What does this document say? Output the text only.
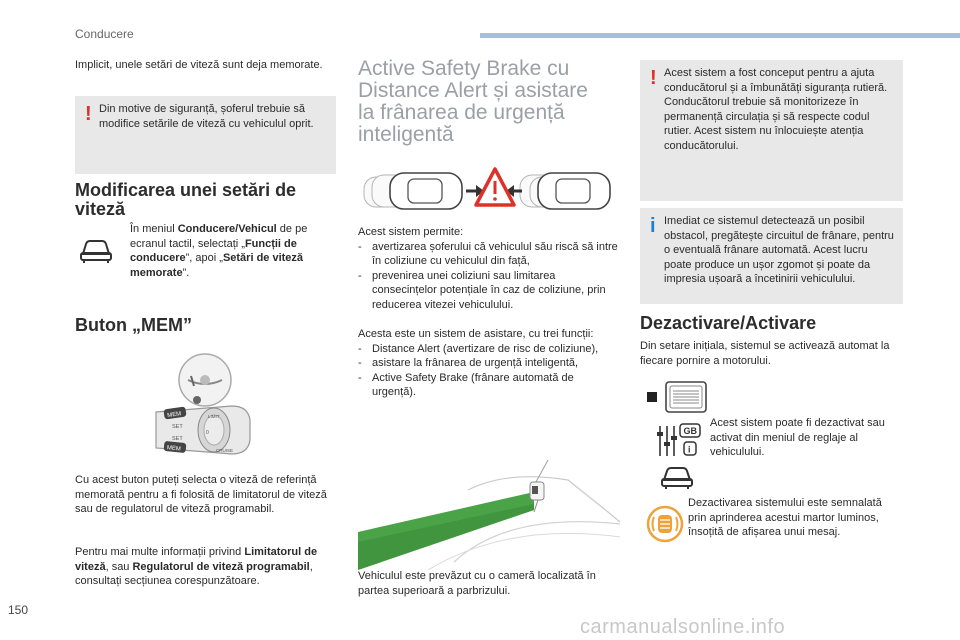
Conducere
Implicit, unele setări de viteză sunt deja memorate.
! Din motive de siguranță, șoferul trebuie să modifice setările de viteză cu vehiculul oprit.
Modificarea unei setări de viteză
În meniul Conducere/Vehicul de pe ecranul tactil, selectați „Funcții de conducere”, apoi „Setări de viteză memorate”.
Buton „MEM”
MEM
MEM
SET
SET
LIMIT
CRUISE
0
Cu acest buton puteți selecta o viteză de referință memorată pentru a fi folosită de limitatorul de viteză sau de regulatorul de viteză programabil.
Pentru mai multe informații privind Limitatorul de viteză, sau Regulatorul de viteză programabil, consultați secțiunea corespunzătoare.
Active Safety Brake cu Distance Alert și asistare la frânarea de urgență inteligentă
Acest sistem permite:
- avertizarea șoferului că vehiculul său riscă să intre în coliziune cu vehiculul din față,
- prevenirea unei coliziuni sau limitarea consecințelor potențiale în caz de coliziune, prin reducerea vitezei vehiculului.
Acesta este un sistem de asistare, cu trei funcții:
- Distance Alert (avertizare de risc de coliziune),
- asistare la frânarea de urgență inteligentă,
- Active Safety Brake (frânare automată de urgență).
Vehiculul este prevăzut cu o cameră localizată în partea superioară a parbrizului.
! Acest sistem a fost conceput pentru a ajuta conducătorul și a îmbunătăți siguranța rutieră. Conducătorul trebuie să monitorizeze în permanență circulația și să respecte codul rutier. Acest sistem nu înlocuiește atenția conducătorului.
i Imediat ce sistemul detectează un posibil obstacol, pregătește circuitul de frânare, pentru o eventuală frânare automată. Acest lucru poate produce un ușor zgomot și poate da impresia ușoară a încetinirii vehiculului.
Dezactivare/Activare
Din setare inițiala, sistemul se activează automat la fiecare pornire a motorului.
GB
i
Acest sistem poate fi dezactivat sau activat din meniul de reglaje al vehiculului.
Dezactivarea sistemului este semnalată prin aprinderea acestui martor luminos, însoțită de afișarea unui mesaj.
150
carmanualsonline.info
